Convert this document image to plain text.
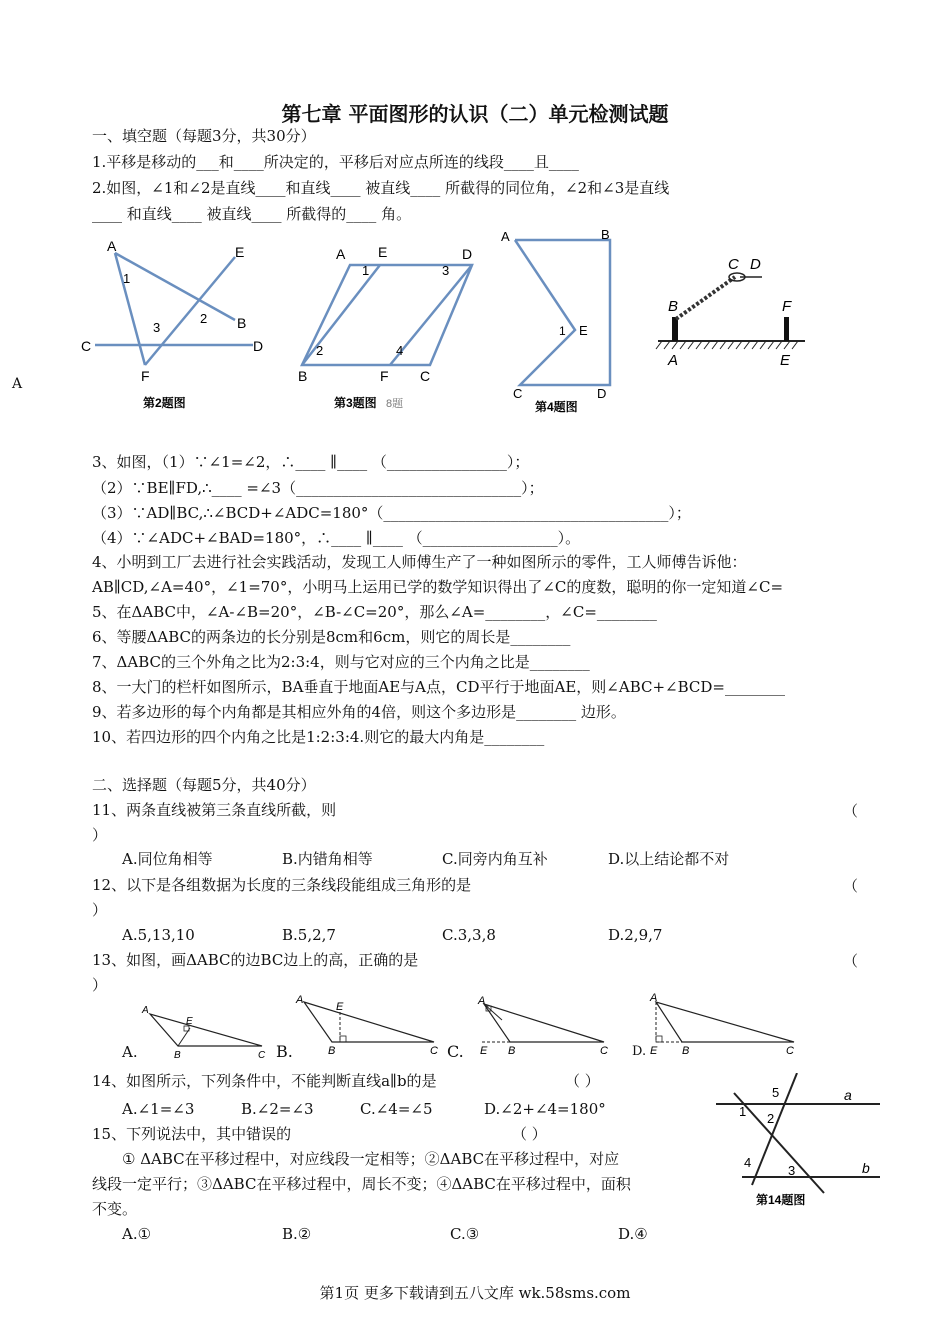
第七章 平面图形的认识（二）单元检测试题
一、填空题（每题3分，共30分）
1.平移是移动的___和____所决定的，平移后对应点所连的线段____且____
2.如图，∠1和∠2是直线____和直线____ 被直线____ 所截得的同位角，∠2和∠3是直线
____ 和直线____ 被直线____ 所截得的____ 角。
A
A	E
1
2 B
3
C	D
F
第2题图
A E	D
1	3
2	4
B	F C
第3题图 8题
A	B
1 E
C	D
第4题图
C D
B	F
A	E
3、如图，（1）∵∠1=∠2，∴____ ∥____ （________________）；
（2）∵BE∥FD,∴____ =∠3（______________________________）；
（3）∵AD∥BC,∴∠BCD+∠ADC=180°（______________________________________）；
（4）∵∠ADC+∠BAD=180°，∴____ ∥____ （__________________）。
4、小明到工厂去进行社会实践活动，发现工人师傅生产了一种如图所示的零件，工人师傅告诉他：
AB∥CD,∠A=40°，∠1=70°，小明马上运用已学的数学知识得出了∠C的度数，聪明的你一定知道∠C=
5、在ΔABC中，∠A-∠B=20°，∠B-∠C=20°，那么∠A=________，∠C=________
6、等腰ΔABC的两条边的长分别是8cm和6cm，则它的周长是________
7、ΔABC的三个外角之比为2:3:4，则与它对应的三个内角之比是________
8、一大门的栏杆如图所示，BA垂直于地面AE与A点，CD平行于地面AE，则∠ABC+∠BCD=________
9、若多边形的每个内角都是其相应外角的4倍，则这个多边形是________ 边形。
10、若四边形的四个内角之比是1:2:3:4.则它的最大内角是________
二、选择题（每题5分，共40分）
11、两条直线被第三条直线所截，则	（
）
A.同位角相等	B.内错角相等	C.同旁内角互补	D.以上结论都不对
12、以下是各组数据为长度的三条线段能组成三角形的是	（
）
A.5,13,10	B.5,2,7	C.3,3,8	D.2,9,7
13、如图，画ΔABC的边BC边上的高，正确的是	（
）
A.
A
E
B	C B.
A
E
B	C C.
A
E B	C D.
A
E B	C
14、如图所示，下列条件中，不能判断直线a∥b的是	（ ）
A.∠1=∠3	B.∠2=∠3	C.∠4=∠5	D.∠2+∠4=180°
a
b
5
1 2
4
3
第14题图
15、下列说法中，其中错误的	（ ）
① ΔABC在平移过程中，对应线段一定相等；②ΔABC在平移过程中，对应
线段一定平行；③ΔABC在平移过程中，周长不变；④ΔABC在平移过程中，面积
不变。
A.①	B.②	C.③	D.④
第1页 更多下载请到五八文库 wk.58sms.com
